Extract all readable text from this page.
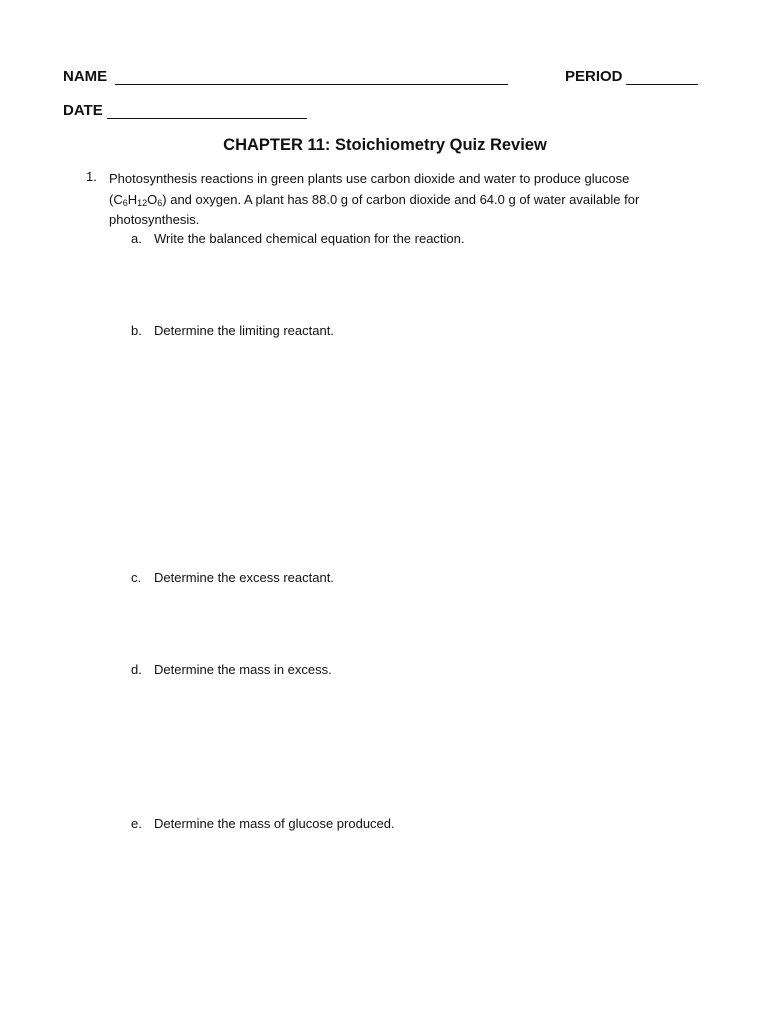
NAME	PERIOD
DATE
CHAPTER 11: Stoichiometry Quiz Review
1. Photosynthesis reactions in green plants use carbon dioxide and water to produce glucose $(C_6H_{12}O_6)$ and oxygen. A plant has 88.0 g of carbon dioxide and 64.0 g of water available for photosynthesis.
a. Write the balanced chemical equation for the reaction.
b. Determine the limiting reactant.
c. Determine the excess reactant.
d. Determine the mass in excess.
e. Determine the mass of glucose produced.
